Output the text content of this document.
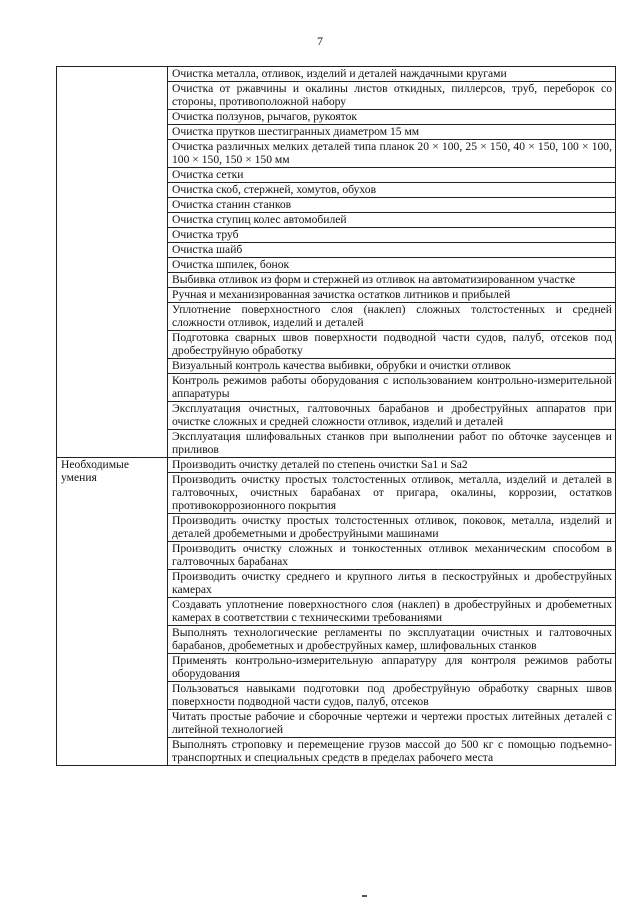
7
	Очистка металла, отливок, изделий и деталей наждачными кругами
	Очистка от ржавчины и окалины листов откидных, пиллерсов, труб, переборок со стороны, противоположной набору
	Очистка ползунов, рычагов, рукояток
	Очистка прутков шестигранных диаметром 15 мм
	Очистка различных мелких деталей типа планок 20 × 100, 25 × 150, 40 × 150, 100 × 100, 100 × 150, 150 × 150 мм
	Очистка сетки
	Очистка скоб, стержней, хомутов, обухов
	Очистка станин станков
	Очистка ступиц колес автомобилей
	Очистка труб
	Очистка шайб
	Очистка шпилек, бонок
	Выбивка отливок из форм и стержней из отливок на автоматизированном участке
	Ручная и механизированная зачистка остатков литников и прибылей
	Уплотнение поверхностного слоя (наклеп) сложных толстостенных и средней сложности отливок, изделий и деталей
	Подготовка сварных швов поверхности подводной части судов, палуб, отсеков под дробеструйную обработку
	Визуальный контроль качества выбивки, обрубки и очистки отливок
	Контроль режимов работы оборудования с использованием контрольно-измерительной аппаратуры
	Эксплуатация очистных, галтовочных барабанов и дробеструйных аппаратов при очистке сложных и средней сложности отливок, изделий и деталей
	Эксплуатация шлифовальных станков при выполнении работ по обточке заусенцев и приливов
Необходимые умения	Производить очистку деталей по степень очистки Sa1 и Sa2
	Производить очистку простых толстостенных отливок, металла, изделий и деталей в галтовочных, очистных барабанах от пригара, окалины, коррозии, остатков противокоррозионного покрытия
	Производить очистку простых толстостенных отливок, поковок, металла, изделий и деталей дробеметными и дробеструйными машинами
	Производить очистку сложных и тонкостенных отливок механическим способом в галтовочных барабанах
	Производить очистку среднего и крупного литья в пескоструйных и дробеструйных камерах
	Создавать уплотнение поверхностного слоя (наклеп) в дробеструйных и дробеметных камерах в соответствии с техническими требованиями
	Выполнять технологические регламенты по эксплуатации очистных и галтовочных барабанов, дробеметных и дробеструйных камер, шлифовальных станков
	Применять контрольно-измерительную аппаратуру для контроля режимов работы оборудования
	Пользоваться навыками подготовки под дробеструйную обработку сварных швов поверхности подводной части судов, палуб, отсеков
	Читать простые рабочие и сборочные чертежи и чертежи простых литейных деталей с литейной технологией
	Выполнять строповку и перемещение грузов массой до 500 кг с помощью подъемно-транспортных и специальных средств в пределах рабочего места
